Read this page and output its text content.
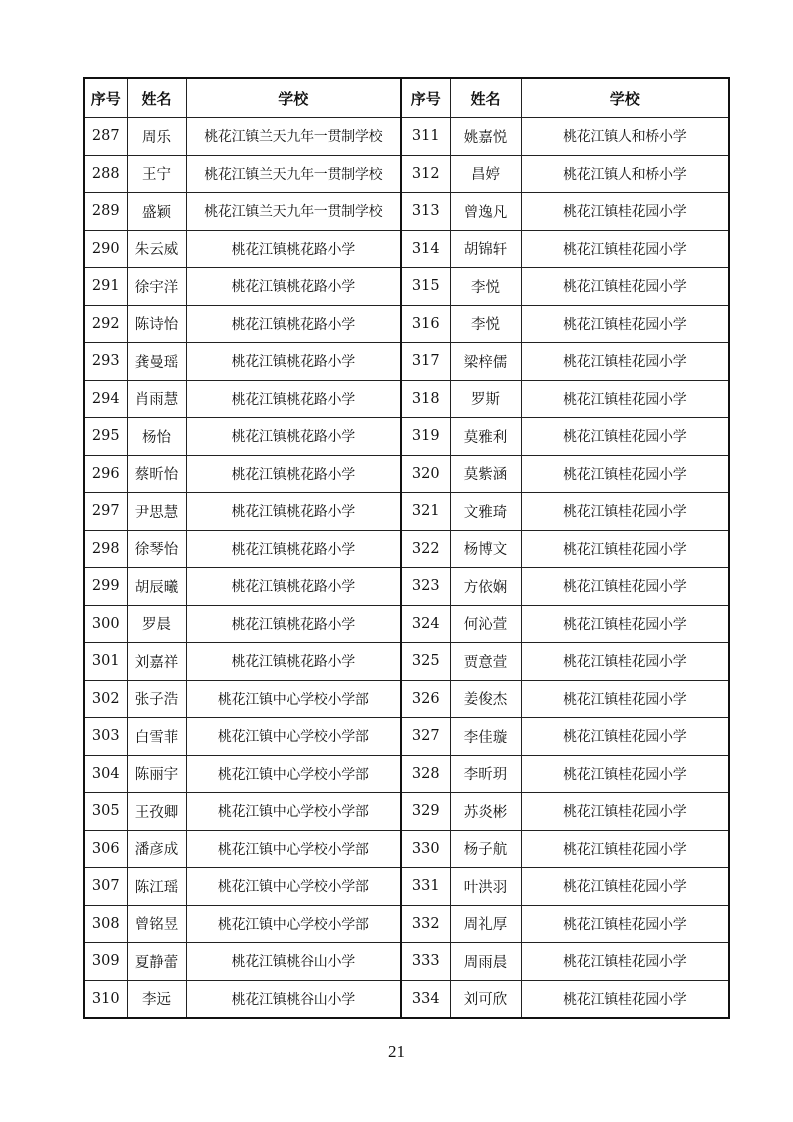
序号	姓名	学校	序号	姓名	学校
287	周乐	桃花江镇兰天九年一贯制学校	311	姚嘉悦	桃花江镇人和桥小学
288	王宁	桃花江镇兰天九年一贯制学校	312	昌婷	桃花江镇人和桥小学
289	盛颖	桃花江镇兰天九年一贯制学校	313	曾逸凡	桃花江镇桂花园小学
290	朱云威	桃花江镇桃花路小学	314	胡锦轩	桃花江镇桂花园小学
291	徐宇洋	桃花江镇桃花路小学	315	李悦	桃花江镇桂花园小学
292	陈诗怡	桃花江镇桃花路小学	316	李悦	桃花江镇桂花园小学
293	龚曼瑶	桃花江镇桃花路小学	317	梁梓儒	桃花江镇桂花园小学
294	肖雨慧	桃花江镇桃花路小学	318	罗斯	桃花江镇桂花园小学
295	杨怡	桃花江镇桃花路小学	319	莫雅利	桃花江镇桂花园小学
296	蔡昕怡	桃花江镇桃花路小学	320	莫紫涵	桃花江镇桂花园小学
297	尹思慧	桃花江镇桃花路小学	321	文雅琦	桃花江镇桂花园小学
298	徐琴怡	桃花江镇桃花路小学	322	杨博文	桃花江镇桂花园小学
299	胡辰曦	桃花江镇桃花路小学	323	方依娴	桃花江镇桂花园小学
300	罗晨	桃花江镇桃花路小学	324	何沁萱	桃花江镇桂花园小学
301	刘嘉祥	桃花江镇桃花路小学	325	贾意萱	桃花江镇桂花园小学
302	张子浩	桃花江镇中心学校小学部	326	姜俊杰	桃花江镇桂花园小学
303	白雪菲	桃花江镇中心学校小学部	327	李佳璇	桃花江镇桂花园小学
304	陈丽宇	桃花江镇中心学校小学部	328	李昕玥	桃花江镇桂花园小学
305	王孜卿	桃花江镇中心学校小学部	329	苏炎彬	桃花江镇桂花园小学
306	潘彦成	桃花江镇中心学校小学部	330	杨子航	桃花江镇桂花园小学
307	陈江瑶	桃花江镇中心学校小学部	331	叶洪羽	桃花江镇桂花园小学
308	曾铭昱	桃花江镇中心学校小学部	332	周礼厚	桃花江镇桂花园小学
309	夏静蕾	桃花江镇桃谷山小学	333	周雨晨	桃花江镇桂花园小学
310	李远	桃花江镇桃谷山小学	334	刘可欣	桃花江镇桂花园小学
21
